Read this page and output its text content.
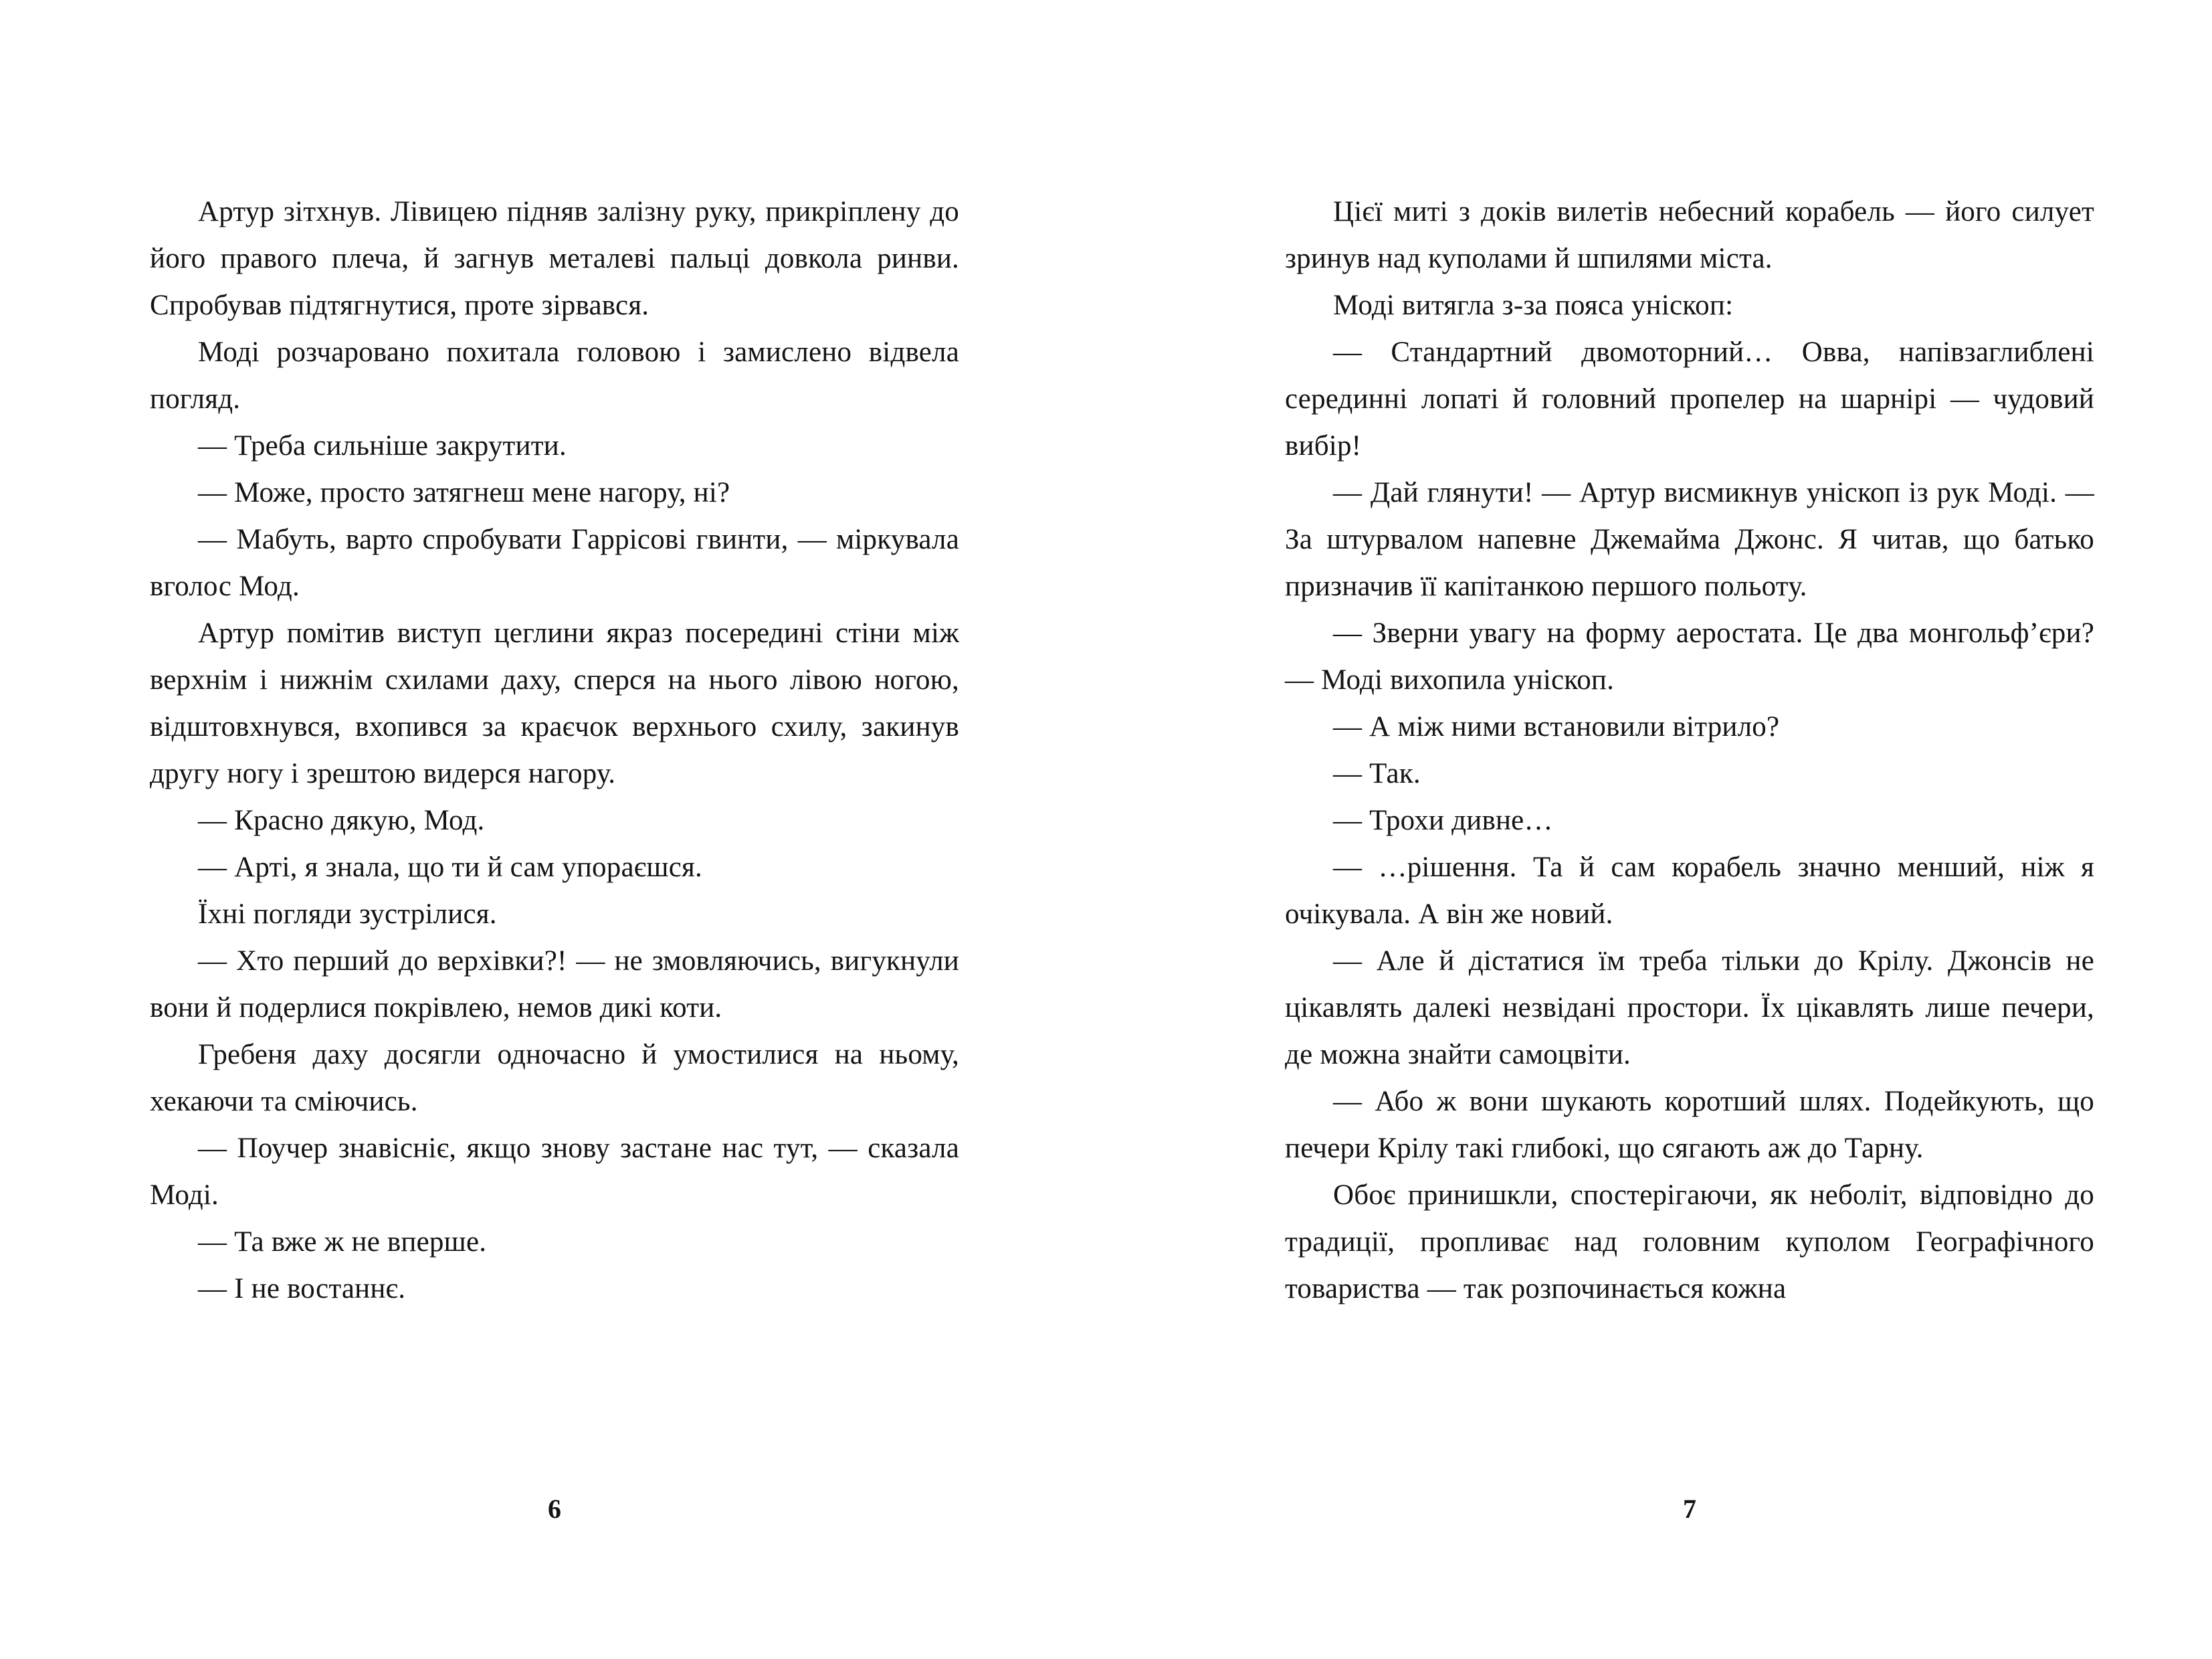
Артур зітхнув. Лівицею підняв залізну руку, прикріплену до його правого плеча, й загнув металеві пальці довкола ринви. Спробував підтягнутися, проте зірвався.

Моді розчаровано похитала головою і замислено відвела погляд.

— Треба сильніше закрутити.

— Може, просто затягнеш мене нагору, ні?

— Мабуть, варто спробувати Гаррісові гвинти, — міркувала вголос Мод.

Артур помітив виступ цеглини якраз посередині стіни між верхнім і нижнім схилами даху, сперся на нього лівою ногою, відштовхнувся, вхопився за краєчок верхнього схилу, закинув другу ногу і зрештою видерся нагору.

— Красно дякую, Мод.

— Арті, я знала, що ти й сам упораєшся.

Їхні погляди зустрілися.

— Хто перший до верхівки?! — не змовляючись, вигукнули вони й подерлися покрівлею, немов дикі коти.

Гребеня даху досягли одночасно й умостилися на ньому, хекаючи та сміючись.

— Поучер знавісніє, якщо знову застане нас тут, — сказала Моді.

— Та вже ж не вперше.

— І не востаннє.

6

Цієї миті з доків вилетів небесний корабель — його силует зринув над куполами й шпилями міста.

Моді витягла з-за пояса уніскоп:

— Стандартний двомоторний… Овва, напівзаглиблені серединні лопаті й головний пропелер на шарнірі — чудовий вибір!

— Дай глянути! — Артур висмикнув уніскоп із рук Моді. — За штурвалом напевне Джемайма Джонс. Я читав, що батько призначив її капітанкою першого польоту.

— Зверни увагу на форму аеростата. Це два монгольф’єри? — Моді вихопила уніскоп.

— А між ними встановили вітрило?

— Так.

— Трохи дивне…

— …рішення. Та й сам корабель значно менший, ніж я очікувала. А він же новий.

— Але й дістатися їм треба тільки до Крілу. Джонсів не цікавлять далекі незвідані простори. Їх цікавлять лише печери, де можна знайти самоцвіти.

— Або ж вони шукають коротший шлях. Подейкують, що печери Крілу такі глибокі, що сягають аж до Тарну.

Обоє принишкли, спостерігаючи, як неболіт, відповідно до традиції, пропливає над головним куполом Географічного товариства — так розпочинається кожна

7
